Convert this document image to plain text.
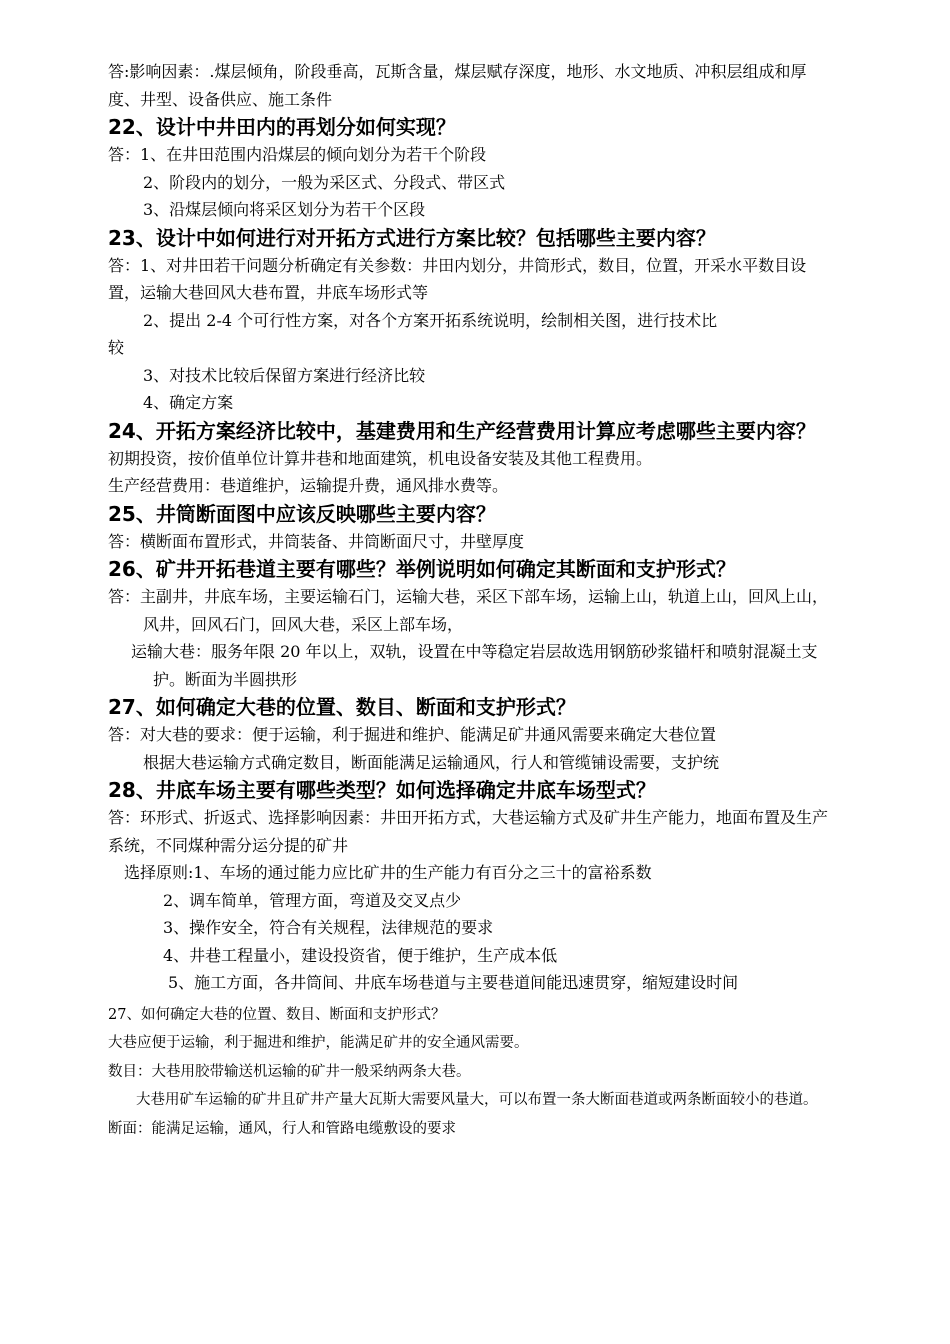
答:影响因素：.煤层倾角，阶段垂高，瓦斯含量，煤层赋存深度，地形、水文地质、冲积层组成和厚度、井型、设备供应、施工条件

22、设计中井田内的再划分如何实现？

答：1、在井田范围内沿煤层的倾向划分为若干个阶段

2、阶段内的划分，一般为采区式、分段式、带区式

3、沿煤层倾向将采区划分为若干个区段

23、设计中如何进行对开拓方式进行方案比较？包括哪些主要内容？

答：1、对井田若干问题分析确定有关参数：井田内划分，井筒形式，数目，位置，开采水平数目设置，运输大巷回风大巷布置，井底车场形式等

2、提出 2-4 个可行性方案，对各个方案开拓系统说明，绘制相关图，进行技术比

较

3、对技术比较后保留方案进行经济比较

4、确定方案

24、开拓方案经济比较中，基建费用和生产经营费用计算应考虑哪些主要内容？

初期投资，按价值单位计算井巷和地面建筑，机电设备安装及其他工程费用。

生产经营费用：巷道维护，运输提升费，通风排水费等。

25、井筒断面图中应该反映哪些主要内容？

答：横断面布置形式，井筒装备、井筒断面尺寸，井壁厚度

26、矿井开拓巷道主要有哪些？举例说明如何确定其断面和支护形式？

答：主副井，井底车场，主要运输石门，运输大巷，采区下部车场，运输上山，轨道上山，回风上山，风井，回风石门，回风大巷，采区上部车场，

运输大巷：服务年限 20 年以上，双轨，设置在中等稳定岩层故选用钢筋砂浆锚杆和喷射混凝土支护。断面为半圆拱形

27、如何确定大巷的位置、数目、断面和支护形式？

答：对大巷的要求：便于运输，利于掘进和维护、能满足矿井通风需要来确定大巷位置

根据大巷运输方式确定数目，断面能满足运输通风，行人和管缆铺设需要，支护统

28、井底车场主要有哪些类型？如何选择确定井底车场型式？

答：环形式、折返式、选择影响因素：井田开拓方式，大巷运输方式及矿井生产能力，地面布置及生产系统，不同煤种需分运分提的矿井

选择原则:1、车场的通过能力应比矿井的生产能力有百分之三十的富裕系数

2、调车简单，管理方面，弯道及交叉点少

3、操作安全，符合有关规程，法律规范的要求

4、井巷工程量小，建设投资省，便于维护，生产成本低

5、施工方面，各井筒间、井底车场巷道与主要巷道间能迅速贯穿，缩短建设时间

27、如何确定大巷的位置、数目、断面和支护形式？

大巷应便于运输，利于掘进和维护，能满足矿井的安全通风需要。

数目：大巷用胶带输送机运输的矿井一般采纳两条大巷。

大巷用矿车运输的矿井且矿井产量大瓦斯大需要风量大，可以布置一条大断面巷道或两条断面较小的巷道。

断面：能满足运输，通风，行人和管路电缆敷设的要求
